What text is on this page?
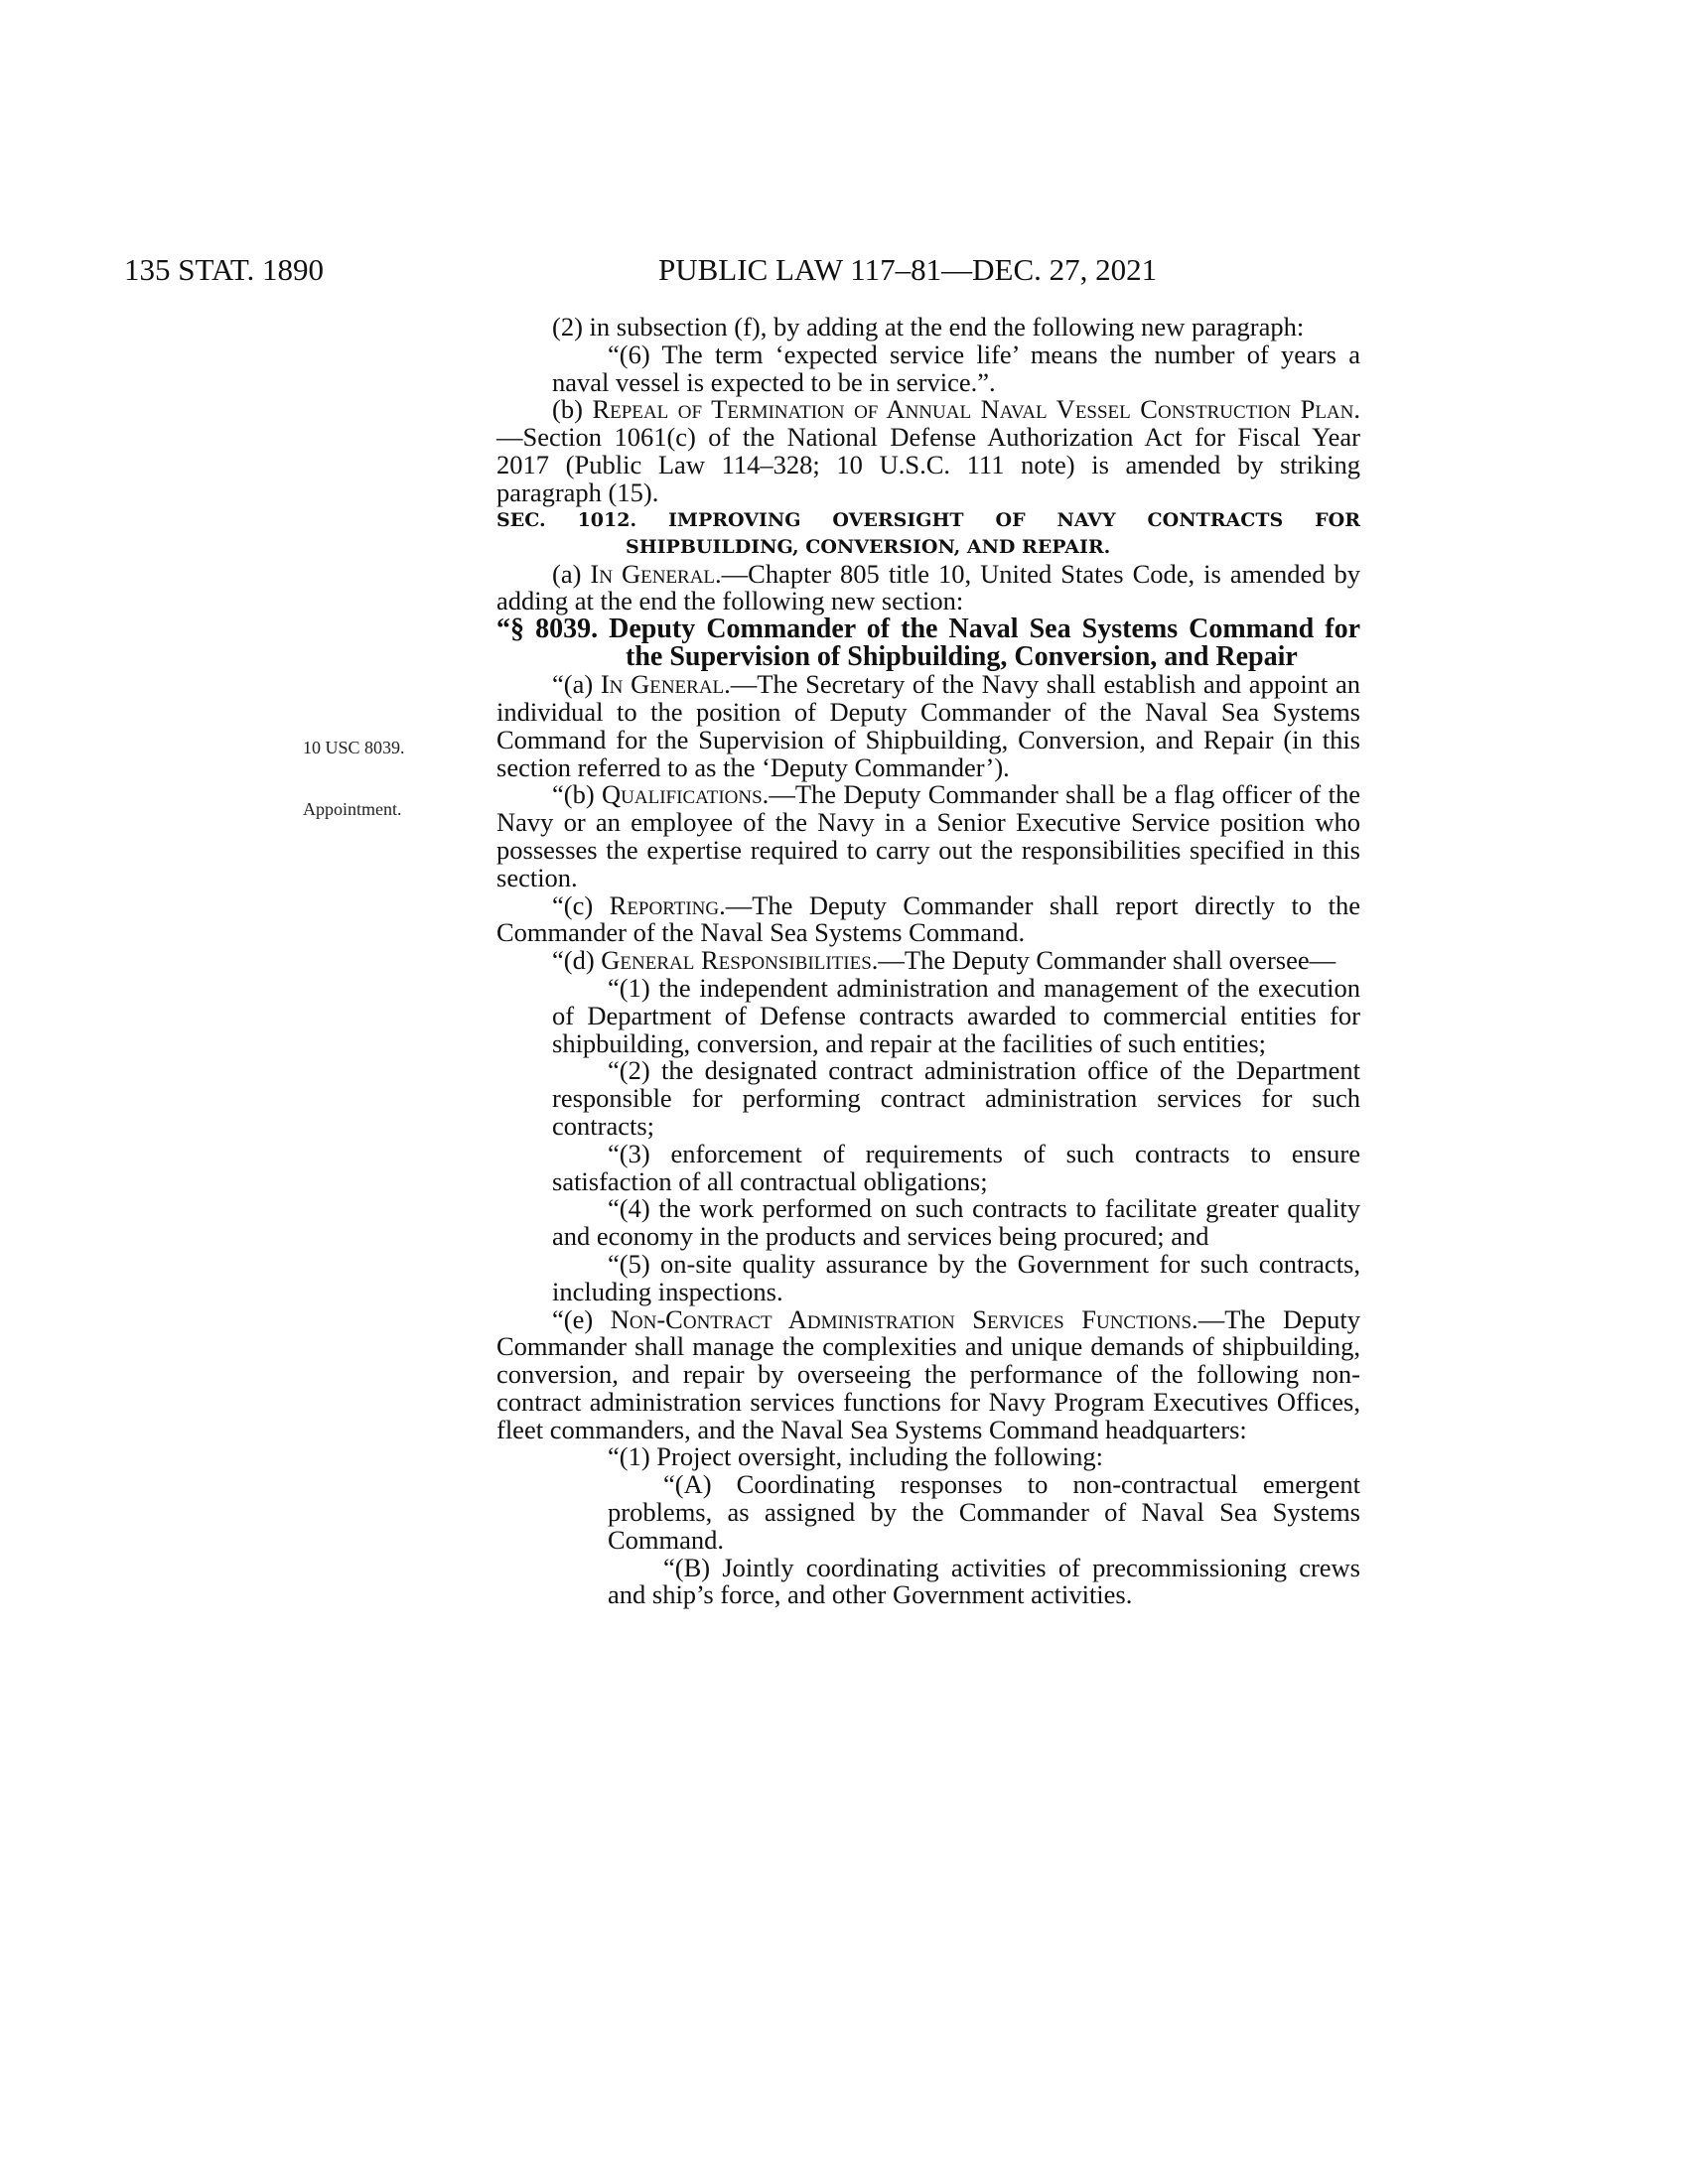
135 STAT. 1890	PUBLIC LAW 117–81—DEC. 27, 2021
10 USC 8039.
Appointment.

(2) in subsection (f), by adding at the end the following new paragraph:

“(6) The term ‘expected service life’ means the number of years a naval vessel is expected to be in service.”.

(b) Repeal of Termination of Annual Naval Vessel Construction Plan.—Section 1061(c) of the National Defense Authorization Act for Fiscal Year 2017 (Public Law 114–328; 10 U.S.C. 111 note) is amended by striking paragraph (15).

SEC. 1012. IMPROVING OVERSIGHT OF NAVY CONTRACTS FOR SHIPBUILDING, CONVERSION, AND REPAIR.

(a) In General.—Chapter 805 title 10, United States Code, is amended by adding at the end the following new section:

“§ 8039. Deputy Commander of the Naval Sea Systems Command for the Supervision of Shipbuilding, Conversion, and Repair

“(a) In General.—The Secretary of the Navy shall establish and appoint an individual to the position of Deputy Commander of the Naval Sea Systems Command for the Supervision of Shipbuilding, Conversion, and Repair (in this section referred to as the ‘Deputy Commander’).

“(b) Qualifications.—The Deputy Commander shall be a flag officer of the Navy or an employee of the Navy in a Senior Executive Service position who possesses the expertise required to carry out the responsibilities specified in this section.

“(c) Reporting.—The Deputy Commander shall report directly to the Commander of the Naval Sea Systems Command.

“(d) General Responsibilities.—The Deputy Commander shall oversee—

“(1) the independent administration and management of the execution of Department of Defense contracts awarded to commercial entities for shipbuilding, conversion, and repair at the facilities of such entities;

“(2) the designated contract administration office of the Department responsible for performing contract administration services for such contracts;

“(3) enforcement of requirements of such contracts to ensure satisfaction of all contractual obligations;

“(4) the work performed on such contracts to facilitate greater quality and economy in the products and services being procured; and

“(5) on-site quality assurance by the Government for such contracts, including inspections.

“(e) Non-Contract Administration Services Functions.—The Deputy Commander shall manage the complexities and unique demands of shipbuilding, conversion, and repair by overseeing the performance of the following non-contract administration services functions for Navy Program Executives Offices, fleet commanders, and the Naval Sea Systems Command headquarters:

“(1) Project oversight, including the following:

“(A) Coordinating responses to non-contractual emergent problems, as assigned by the Commander of Naval Sea Systems Command.

“(B) Jointly coordinating activities of precommissioning crews and ship’s force, and other Government activities.
